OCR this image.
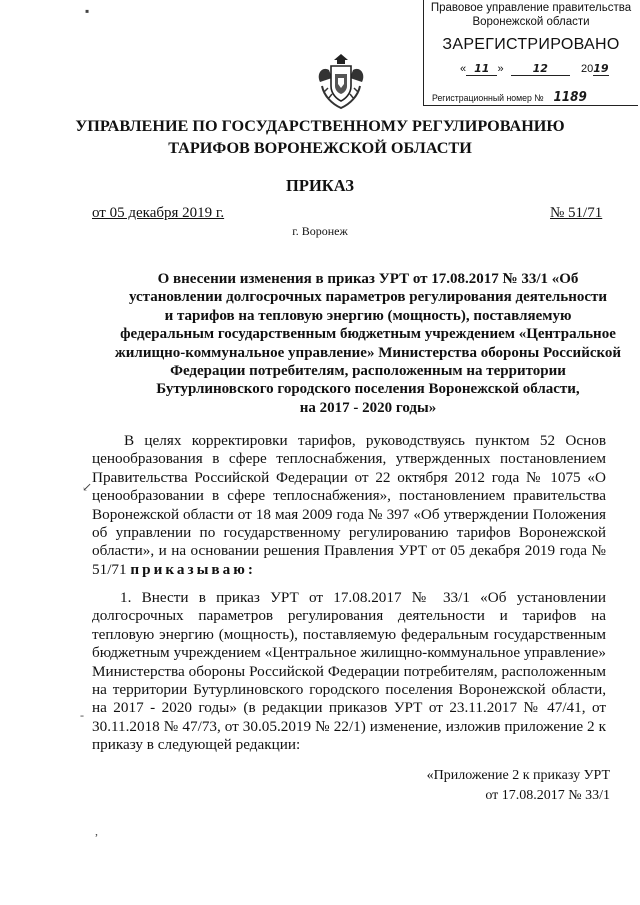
▪
↙
-
,
Правовое управление правительства
Воронежской области
ЗАРЕГИСТРИРОВАНО
« 11 »	12	2019
Регистрационный номер № 1189
УПРАВЛЕНИЕ ПО ГОСУДАРСТВЕННОМУ РЕГУЛИРОВАНИЮ
ТАРИФОВ ВОРОНЕЖСКОЙ ОБЛАСТИ
ПРИКАЗ
от 05 декабря 2019 г.	№ 51/71
г. Воронеж
О внесении изменения в приказ УРТ от 17.08.2017 № 33/1 «Об
установлении долгосрочных параметров регулирования деятельности
и тарифов на тепловую энергию (мощность), поставляемую
федеральным государственным бюджетным учреждением «Центральное
жилищно-коммунальное управление» Министерства обороны Российской
Федерации потребителям, расположенным на территории
Бутурлиновского городского поселения Воронежской области,
на 2017 - 2020 годы»
В целях корректировки тарифов, руководствуясь пунктом 52 Основ ценообразования в сфере теплоснабжения, утвержденных постановлением Правительства Российской Федерации от 22 октября 2012 года № 1075 «О ценообразовании в сфере теплоснабжения», постановлением правительства Воронежской области от 18 мая 2009 года № 397 «Об утверждении Положения об управлении по государственному регулированию тарифов Воронежской области», и на основании решения Правления УРТ от 05 декабря 2019 года № 51/71 приказываю:
1. Внести в приказ УРТ от 17.08.2017 № 33/1 «Об установлении долгосрочных параметров регулирования деятельности и тарифов на тепловую энергию (мощность), поставляемую федеральным государственным бюджетным учреждением «Центральное жилищно-коммунальное управление» Министерства обороны Российской Федерации потребителям, расположенным на территории Бутурлиновского городского поселения Воронежской области, на 2017 - 2020 годы» (в редакции приказов УРТ от 23.11.2017 № 47/41, от 30.11.2018 № 47/73, от 30.05.2019 № 22/1) изменение, изложив приложение 2 к приказу в следующей редакции:
«Приложение 2 к приказу УРТ
от 17.08.2017 № 33/1
